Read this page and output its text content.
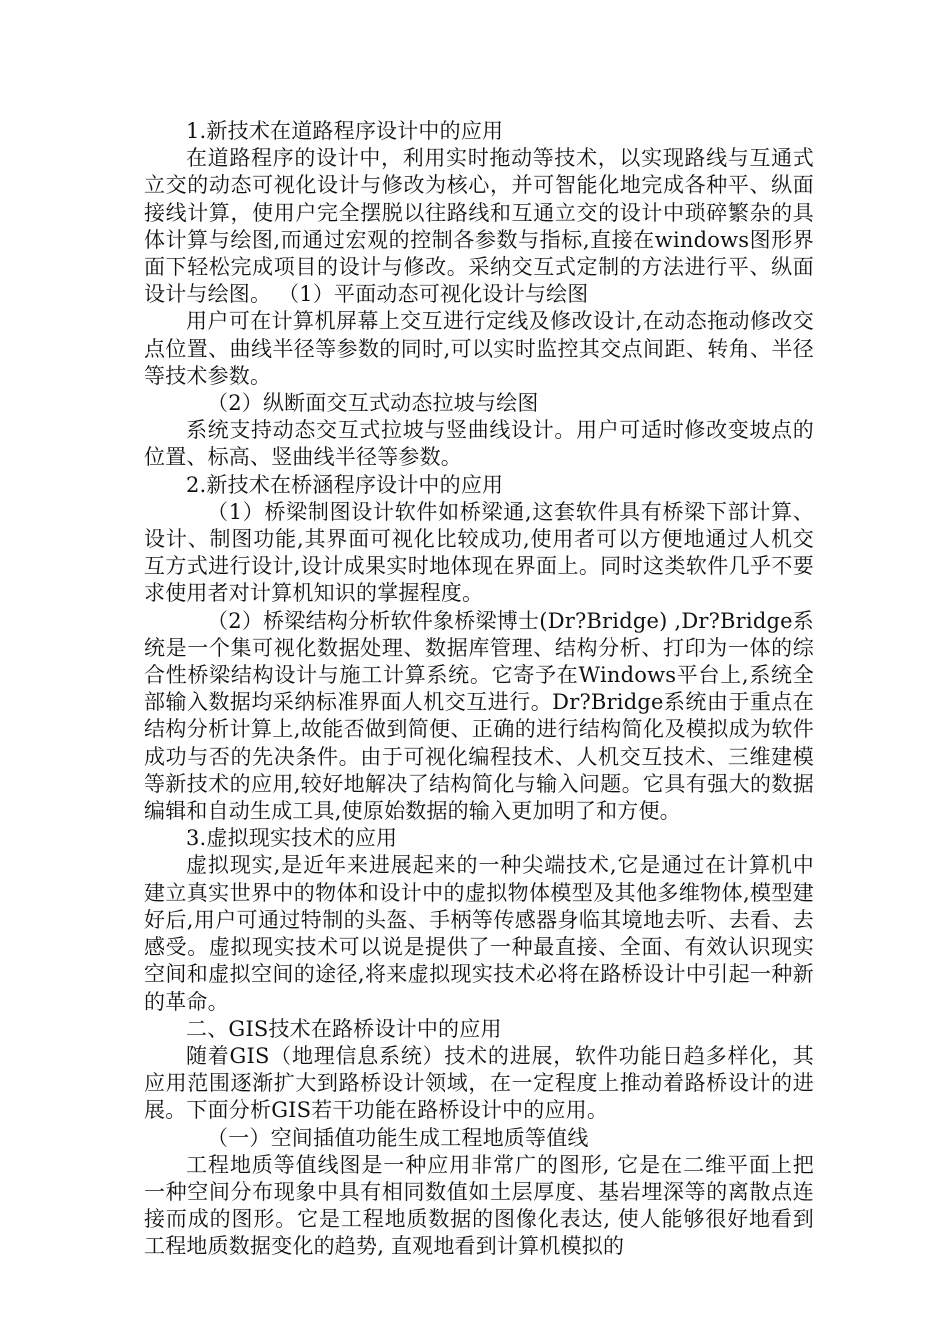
1.新技术在道路程序设计中的应用

在道路程序的设计中，利用实时拖动等技术，以实现路线与互通式立交的动态可视化设计与修改为核心，并可智能化地完成各种平、纵面接线计算，使用户完全摆脱以往路线和互通立交的设计中琐碎繁杂的具体计算与绘图,而通过宏观的控制各参数与指标,直接在windows图形界面下轻松完成项目的设计与修改。采纳交互式定制的方法进行平、纵面设计与绘图。 （1）平面动态可视化设计与绘图

用户可在计算机屏幕上交互进行定线及修改设计,在动态拖动修改交点位置、曲线半径等参数的同时,可以实时监控其交点间距、转角、半径等技术参数。

（2）纵断面交互式动态拉坡与绘图

系统支持动态交互式拉坡与竖曲线设计。用户可适时修改变坡点的位置、标高、竖曲线半径等参数。

2.新技术在桥涵程序设计中的应用

（1）桥梁制图设计软件如桥梁通,这套软件具有桥梁下部计算、设计、制图功能,其界面可视化比较成功,使用者可以方便地通过人机交互方式进行设计,设计成果实时地体现在界面上。同时这类软件几乎不要求使用者对计算机知识的掌握程度。

（2）桥梁结构分析软件象桥梁博士(Dr?Bridge) ,Dr?Bridge系统是一个集可视化数据处理、数据库管理、结构分析、打印为一体的综合性桥梁结构设计与施工计算系统。它寄予在Windows平台上,系统全部输入数据均采纳标准界面人机交互进行。Dr?Bridge系统由于重点在结构分析计算上,故能否做到简便、正确的进行结构简化及模拟成为软件成功与否的先决条件。由于可视化编程技术、人机交互技术、三维建模等新技术的应用,较好地解决了结构简化与输入问题。它具有强大的数据编辑和自动生成工具,使原始数据的输入更加明了和方便。

3.虚拟现实技术的应用

虚拟现实,是近年来进展起来的一种尖端技术,它是通过在计算机中建立真实世界中的物体和设计中的虚拟物体模型及其他多维物体,模型建好后,用户可通过特制的头盔、手柄等传感器身临其境地去听、去看、去感受。虚拟现实技术可以说是提供了一种最直接、全面、有效认识现实空间和虚拟空间的途径,将来虚拟现实技术必将在路桥设计中引起一种新的革命。

二、GIS技术在路桥设计中的应用

随着GIS（地理信息系统）技术的进展，软件功能日趋多样化，其应用范围逐渐扩大到路桥设计领域，在一定程度上推动着路桥设计的进展。下面分析GIS若干功能在路桥设计中的应用。

（一）空间插值功能生成工程地质等值线

工程地质等值线图是一种应用非常广的图形, 它是在二维平面上把一种空间分布现象中具有相同数值如土层厚度、基岩埋深等的离散点连接而成的图形。它是工程地质数据的图像化表达, 使人能够很好地看到工程地质数据变化的趋势, 直观地看到计算机模拟的
